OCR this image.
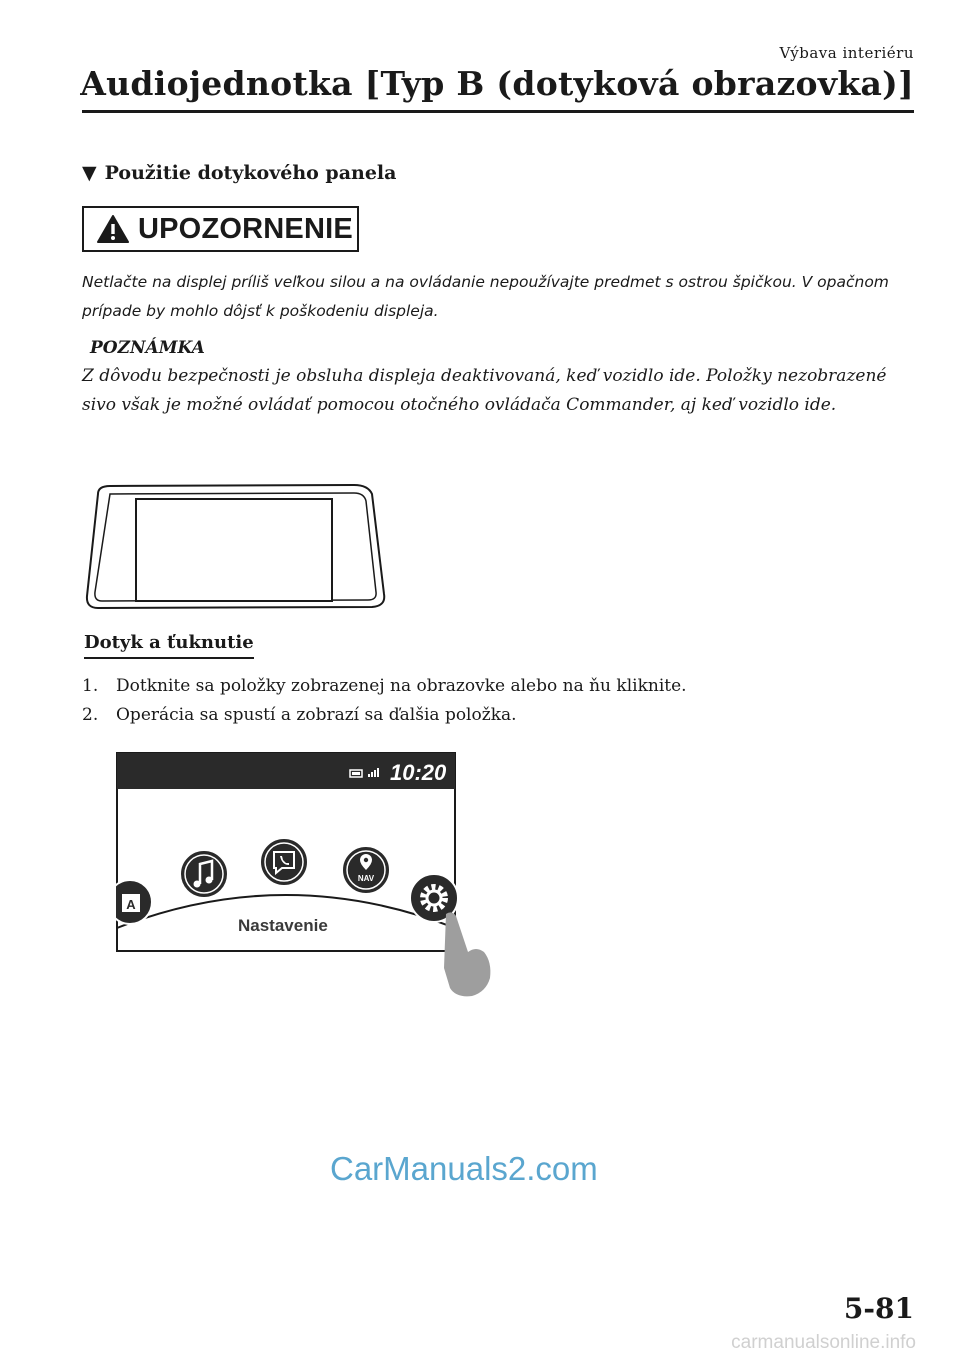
Výbava interiéru
Audiojednotka [Typ B (dotyková obrazovka)]
▼ Použitie dotykového panela
UPOZORNENIE
Netlačte na displej príliš veľkou silou a na ovládanie nepoužívajte predmet s ostrou špičkou. V opačnom prípade by mohlo dôjsť k poškodeniu displeja.
POZNÁMKA
Z dôvodu bezpečnosti je obsluha displeja deaktivovaná, keď vozidlo ide. Položky nezobrazené sivo však je možné ovládať pomocou otočného ovládača Commander, aj keď vozidlo ide.
Dotyk a ťuknutie
1. Dotknite sa položky zobrazenej na obrazovke alebo na ňu kliknite.
2. Operácia sa spustí a zobrazí sa ďalšia položka.
A
NAV
10:20
Nastavenie
CarManuals2.com
5-81
carmanualsonline.info
